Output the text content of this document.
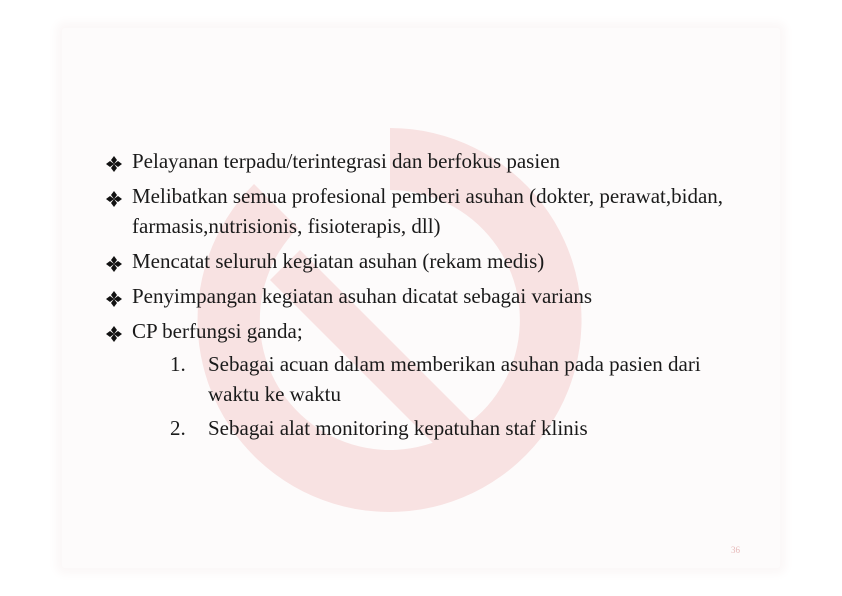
Pelayanan terpadu/terintegrasi dan berfokus pasien
Melibatkan semua profesional pemberi asuhan (dokter, perawat,bidan, farmasis,nutrisionis, fisioterapis, dll)
Mencatat seluruh kegiatan asuhan (rekam medis)
Penyimpangan kegiatan asuhan dicatat sebagai varians
CP berfungsi ganda;
1. Sebagai acuan dalam memberikan asuhan pada pasien dari waktu ke waktu
2. Sebagai alat monitoring kepatuhan staf klinis
36
